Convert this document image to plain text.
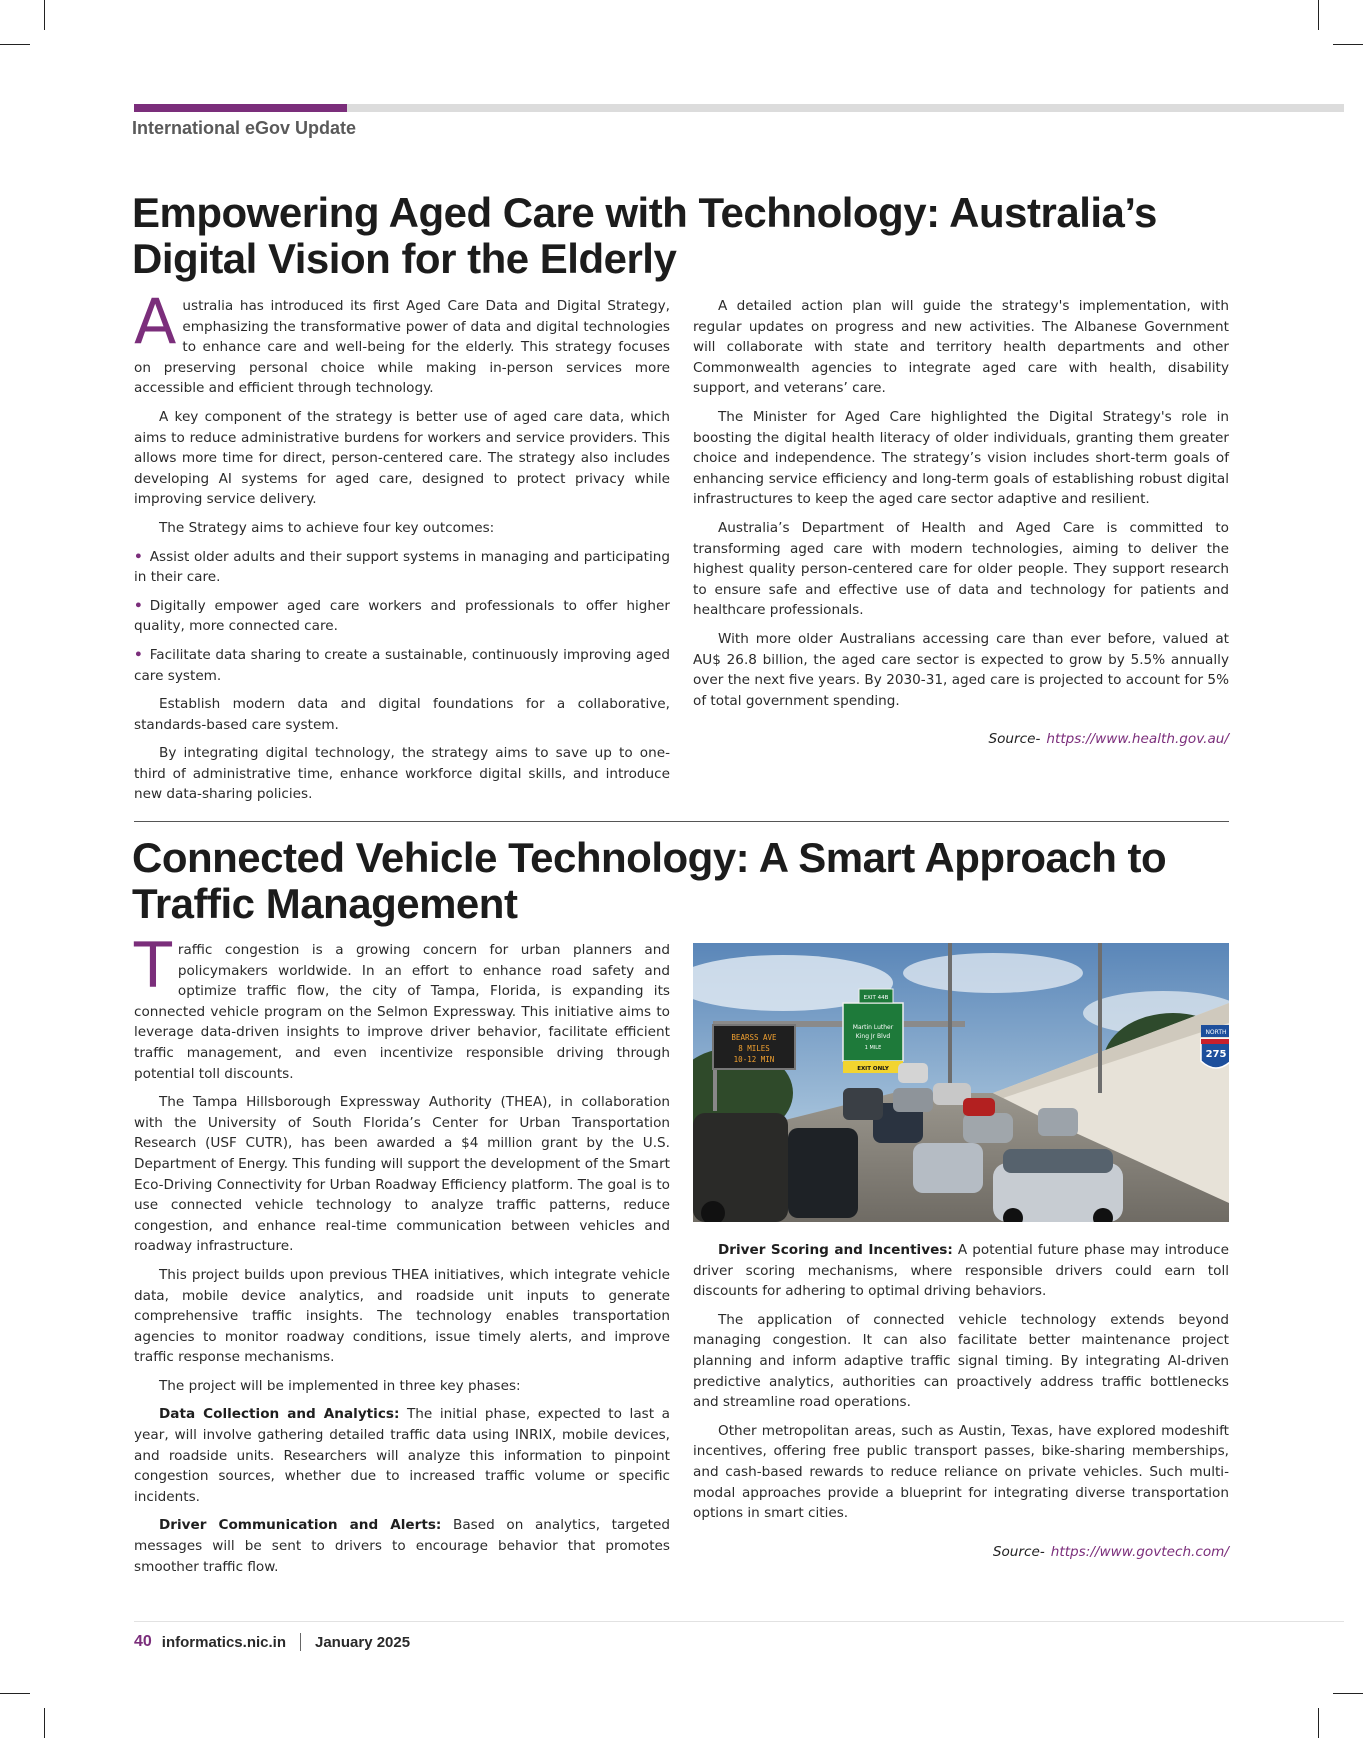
International eGov Update
Empowering Aged Care with Technology: Australia’s Digital Vision for the Elderly

Australia has introduced its first Aged Care Data and Digital Strategy, emphasizing the transformative power of data and digital technologies to enhance care and well-being for the elderly. This strategy focuses on preserving personal choice while making in-person services more accessible and efficient through technology.

A key component of the strategy is better use of aged care data, which aims to reduce administrative burdens for workers and service providers. This allows more time for direct, person-centered care. The strategy also includes developing AI systems for aged care, designed to protect privacy while improving service delivery.

The Strategy aims to achieve four key outcomes:

• Assist older adults and their support systems in managing and participating in their care.

• Digitally empower aged care workers and professionals to offer higher quality, more connected care.

• Facilitate data sharing to create a sustainable, continuously improving aged care system.

Establish modern data and digital foundations for a collaborative, standards-based care system.

By integrating digital technology, the strategy aims to save up to one-third of administrative time, enhance workforce digital skills, and introduce new data-sharing policies.

A detailed action plan will guide the strategy's implementation, with regular updates on progress and new activities. The Albanese Government will collaborate with state and territory health departments and other Commonwealth agencies to integrate aged care with health, disability support, and veterans’ care.

The Minister for Aged Care highlighted the Digital Strategy's role in boosting the digital health literacy of older individuals, granting them greater choice and independence. The strategy’s vision includes short-term goals of enhancing service efficiency and long-term goals of establishing robust digital infrastructures to keep the aged care sector adaptive and resilient.

Australia’s Department of Health and Aged Care is committed to transforming aged care with modern technologies, aiming to deliver the highest quality person-centered care for older people. They support research to ensure safe and effective use of data and technology for patients and healthcare professionals.

With more older Australians accessing care than ever before, valued at AU$ 26.8 billion, the aged care sector is expected to grow by 5.5% annually over the next five years. By 2030-31, aged care is projected to account for 5% of total government spending.

Source- https://www.health.gov.au/
Connected Vehicle Technology: A Smart Approach to Traffic Management

Traffic congestion is a growing concern for urban planners and policymakers worldwide. In an effort to enhance road safety and optimize traffic flow, the city of Tampa, Florida, is expanding its connected vehicle program on the Selmon Expressway. This initiative aims to leverage data-driven insights to improve driver behavior, facilitate efficient traffic management, and even incentivize responsible driving through potential toll discounts.

The Tampa Hillsborough Expressway Authority (THEA), in collaboration with the University of South Florida’s Center for Urban Transportation Research (USF CUTR), has been awarded a $4 million grant by the U.S. Department of Energy. This funding will support the development of the Smart Eco-Driving Connectivity for Urban Roadway Efficiency platform. The goal is to use connected vehicle technology to analyze traffic patterns, reduce congestion, and enhance real-time communication between vehicles and roadway infrastructure.

This project builds upon previous THEA initiatives, which integrate vehicle data, mobile device analytics, and roadside unit inputs to generate comprehensive traffic insights. The technology enables transportation agencies to monitor roadway conditions, issue timely alerts, and improve traffic response mechanisms.

The project will be implemented in three key phases:

Data Collection and Analytics: The initial phase, expected to last a year, will involve gathering detailed traffic data using INRIX, mobile devices, and roadside units. Researchers will analyze this information to pinpoint congestion sources, whether due to increased traffic volume or specific incidents.

Driver Communication and Alerts: Based on analytics, targeted messages will be sent to drivers to encourage behavior that promotes smoother traffic flow.

EXIT 44B
BEARSS AVE
8 MILES
10-12 MIN
Martin Luther
King Jr Blvd
1 MILE
EXIT ONLY
NORTH
275

Driver Scoring and Incentives: A potential future phase may introduce driver scoring mechanisms, where responsible drivers could earn toll discounts for adhering to optimal driving behaviors.

The application of connected vehicle technology extends beyond managing congestion. It can also facilitate better maintenance project planning and inform adaptive traffic signal timing. By integrating AI-driven predictive analytics, authorities can proactively address traffic bottlenecks and streamline road operations.

Other metropolitan areas, such as Austin, Texas, have explored modeshift incentives, offering free public transport passes, bike-sharing memberships, and cash-based rewards to reduce reliance on private vehicles. Such multi-modal approaches provide a blueprint for integrating diverse transportation options in smart cities.

Source- https://www.govtech.com/
40 informatics.nic.in January 2025
